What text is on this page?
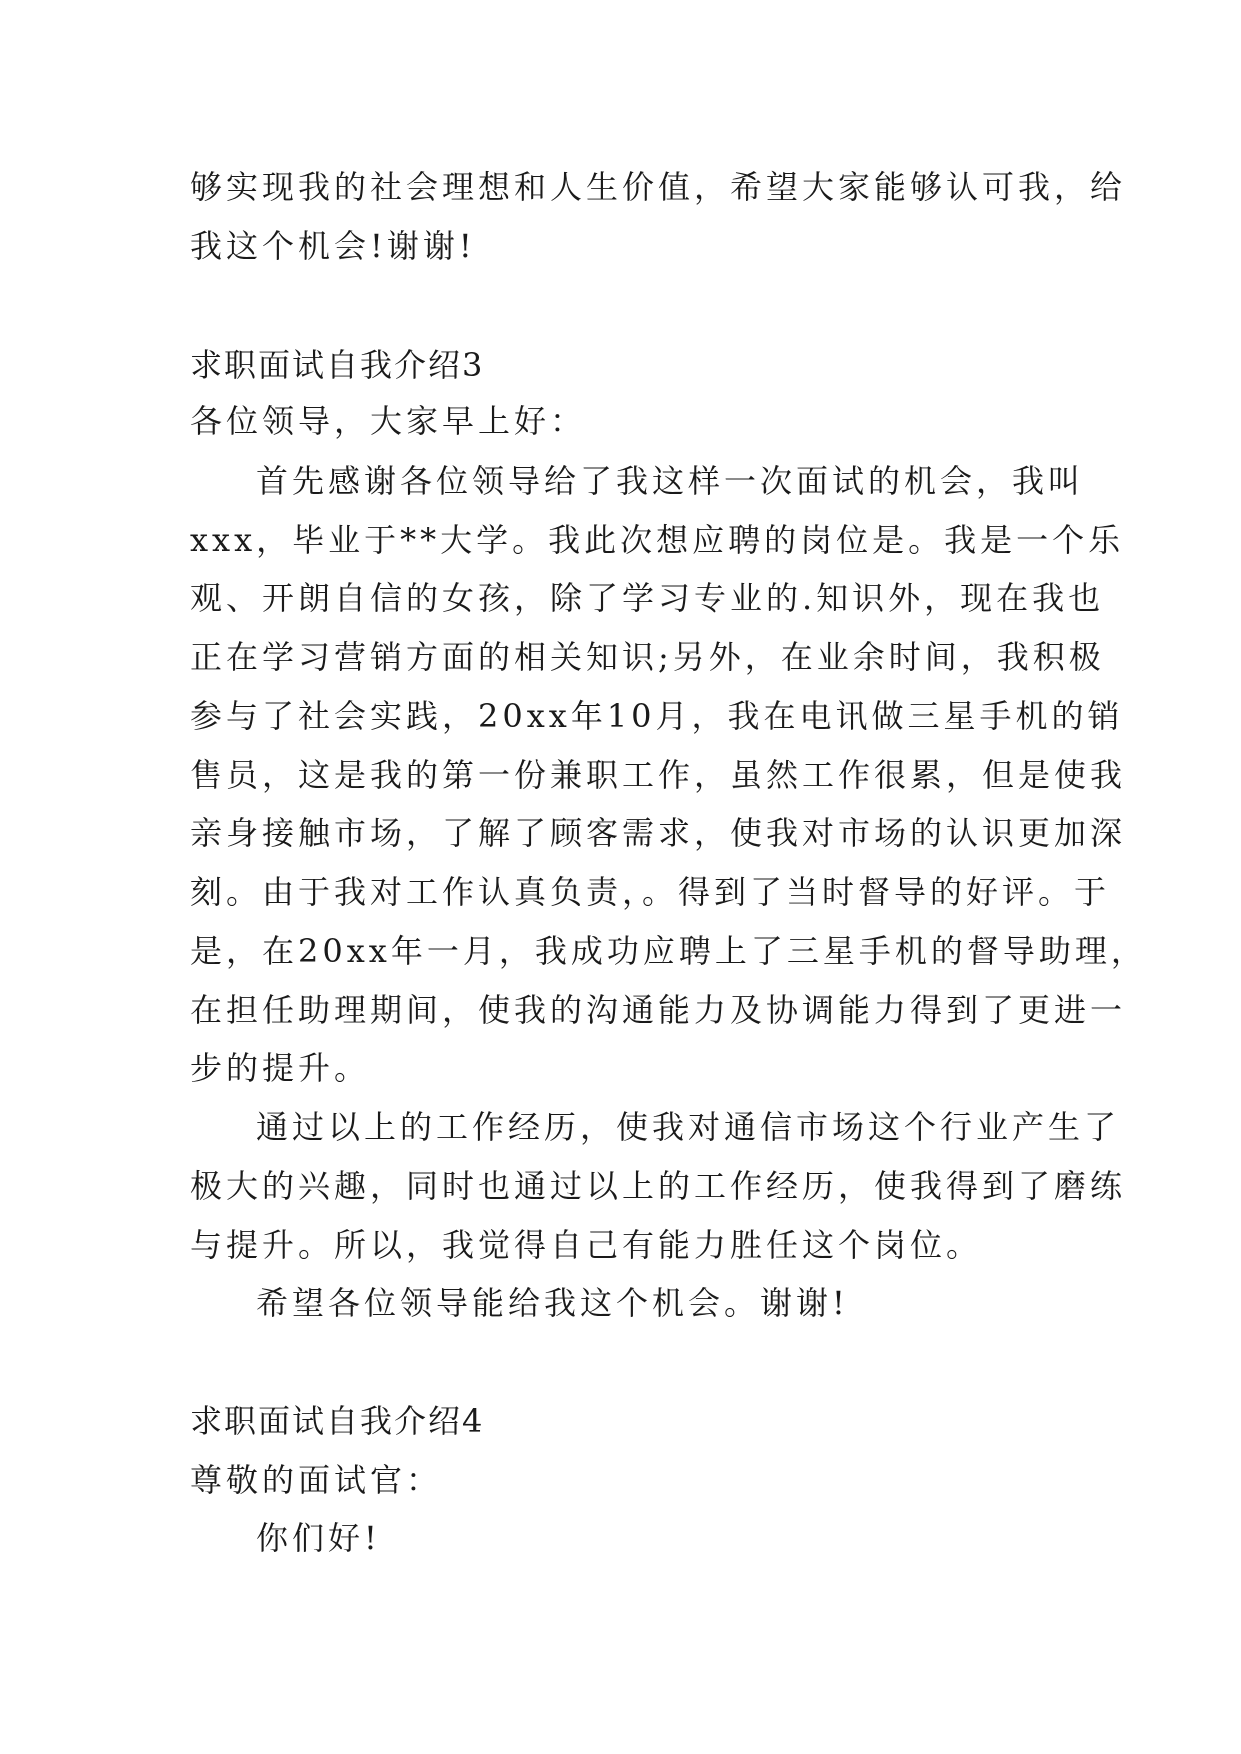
够实现我的社会理想和人生价值，希望大家能够认可我，给
我这个机会!谢谢!
求职面试自我介绍3
各位领导，大家早上好：
首先感谢各位领导给了我这样一次面试的机会，我叫
xxx，毕业于**大学。我此次想应聘的岗位是。我是一个乐
观、开朗自信的女孩，除了学习专业的.知识外，现在我也
正在学习营销方面的相关知识;另外，在业余时间，我积极
参与了社会实践，20xx年10月，我在电讯做三星手机的销
售员，这是我的第一份兼职工作，虽然工作很累，但是使我
亲身接触市场，了解了顾客需求，使我对市场的认识更加深
刻。由于我对工作认真负责，。得到了当时督导的好评。于
是，在20xx年一月，我成功应聘上了三星手机的督导助理，
在担任助理期间，使我的沟通能力及协调能力得到了更进一
步的提升。
通过以上的工作经历，使我对通信市场这个行业产生了
极大的兴趣，同时也通过以上的工作经历，使我得到了磨练
与提升。所以，我觉得自己有能力胜任这个岗位。
希望各位领导能给我这个机会。谢谢!
求职面试自我介绍4
尊敬的面试官：
你们好!
